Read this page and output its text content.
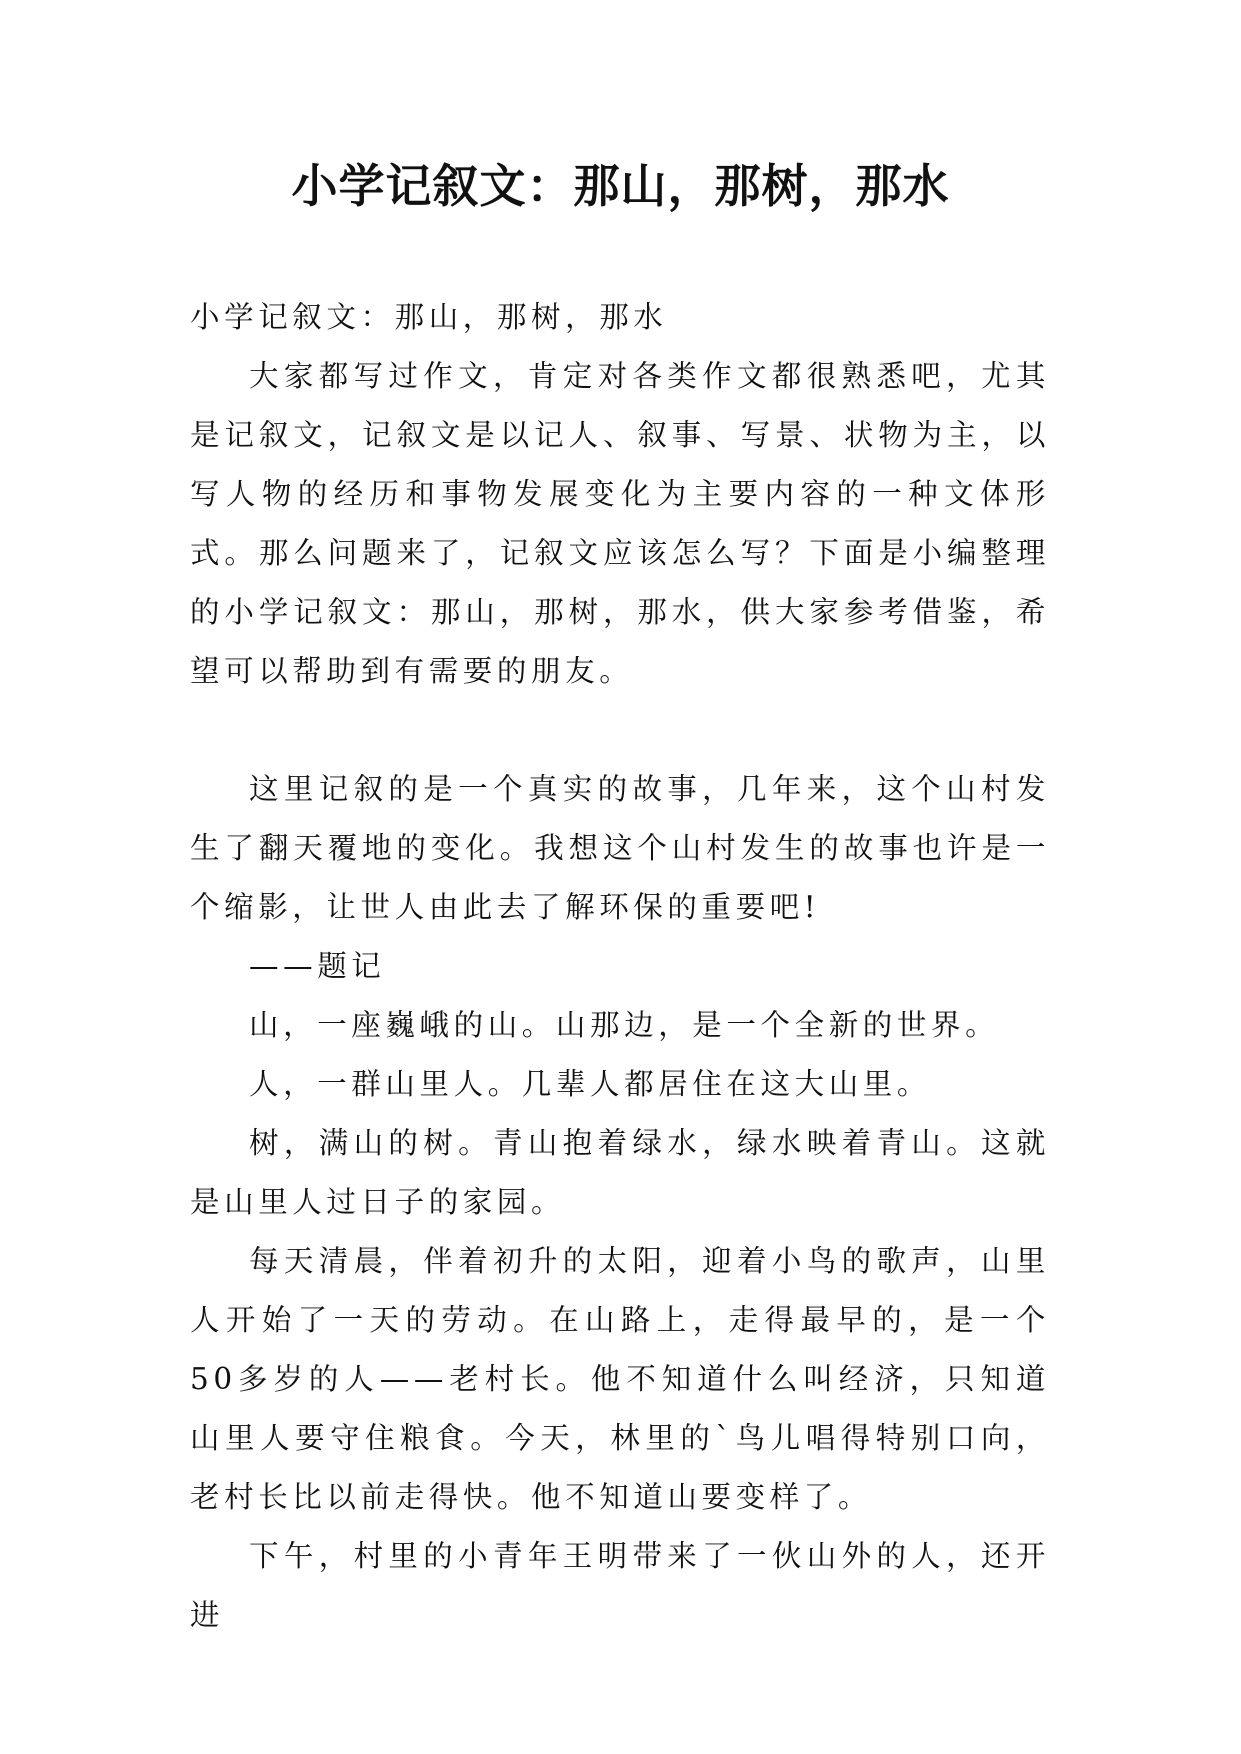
小学记叙文：那山，那树，那水

小学记叙文：那山，那树，那水

大家都写过作文，肯定对各类作文都很熟悉吧，尤其是记叙文，记叙文是以记人、叙事、写景、状物为主，以写人物的经历和事物发展变化为主要内容的一种文体形式。那么问题来了，记叙文应该怎么写？下面是小编整理的小学记叙文：那山，那树，那水，供大家参考借鉴，希望可以帮助到有需要的朋友。

这里记叙的是一个真实的故事，几年来，这个山村发生了翻天覆地的变化。我想这个山村发生的故事也许是一个缩影，让世人由此去了解环保的重要吧!

——题记

山，一座巍峨的山。山那边，是一个全新的世界。

人，一群山里人。几辈人都居住在这大山里。

树，满山的树。青山抱着绿水，绿水映着青山。这就是山里人过日子的家园。

每天清晨，伴着初升的太阳，迎着小鸟的歌声，山里人开始了一天的劳动。在山路上，走得最早的，是一个50多岁的人——老村长。他不知道什么叫经济，只知道山里人要守住粮食。今天，林里的`鸟儿唱得特别口向，老村长比以前走得快。他不知道山要变样了。

下午，村里的小青年王明带来了一伙山外的人，还开进
